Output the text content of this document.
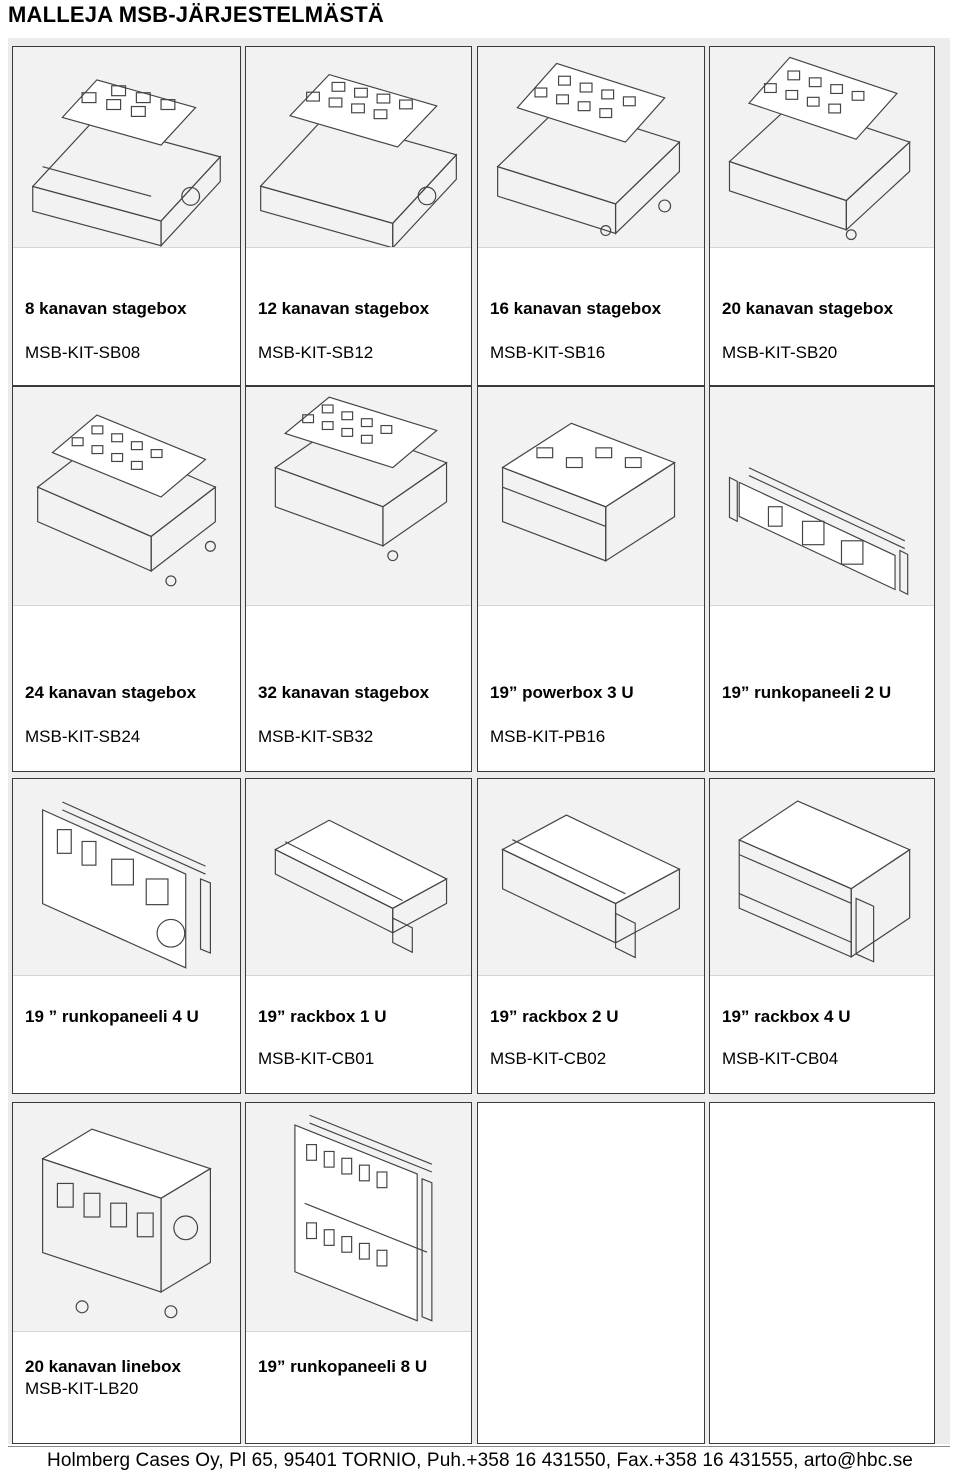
MALLEJA MSB-JÄRJESTELMÄSTÄ
8 kanavan stagebox
MSB-KIT-SB08
12 kanavan stagebox
MSB-KIT-SB12
16 kanavan stagebox
MSB-KIT-SB16
20 kanavan stagebox
MSB-KIT-SB20
24 kanavan stagebox
MSB-KIT-SB24
32 kanavan stagebox
MSB-KIT-SB32
19” powerbox 3 U
MSB-KIT-PB16
19” runkopaneeli 2 U
19 ” runkopaneeli 4 U	19” rackbox 1 U
MSB-KIT-CB01
19” rackbox 2 U
MSB-KIT-CB02
19” rackbox 4 U
MSB-KIT-CB04
20 kanavan linebox
MSB-KIT-LB20
19” runkopaneeli 8 U
Holmberg Cases Oy, Pl 65, 95401 TORNIO, Puh.+358 16 431550, Fax.+358 16 431555, arto@hbc.se
